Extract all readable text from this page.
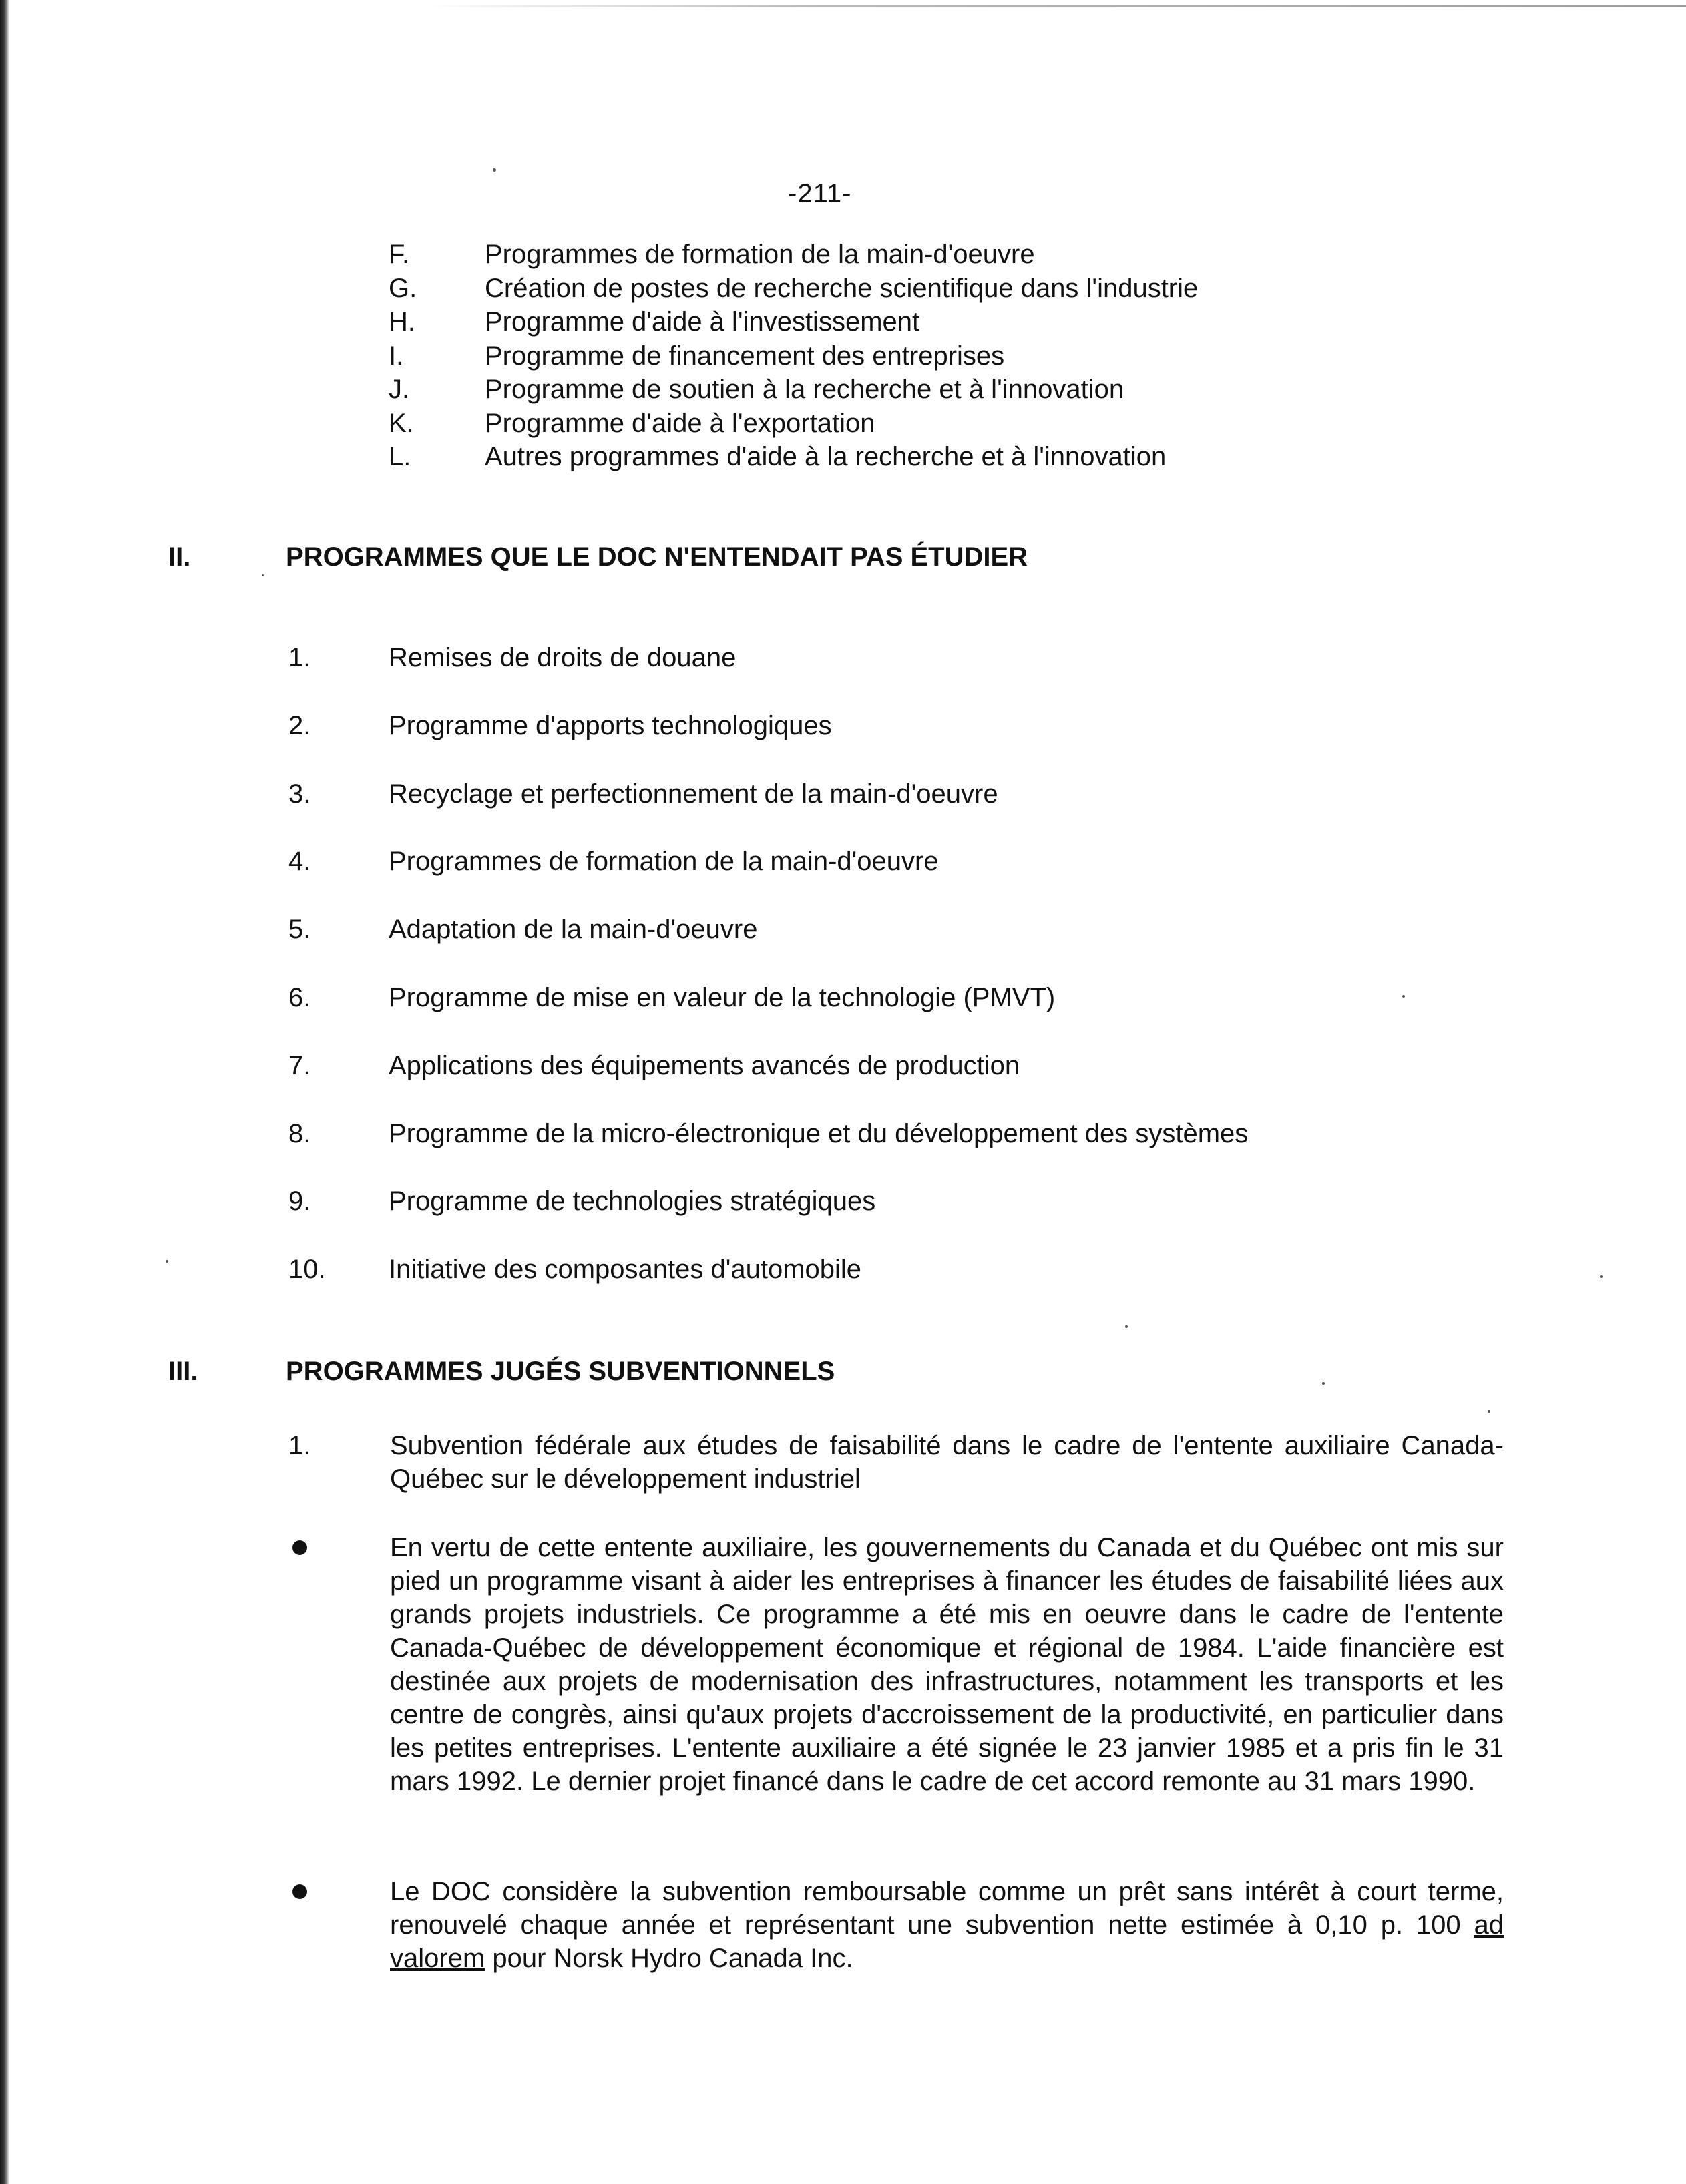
-211-
F.	Programmes de formation de la main-d'oeuvre
G.	Création de postes de recherche scientifique dans l'industrie
H.	Programme d'aide à l'investissement
I.	Programme de financement des entreprises
J.	Programme de soutien à la recherche et à l'innovation
K.	Programme d'aide à l'exportation
L.	Autres programmes d'aide à la recherche et à l'innovation
II.	PROGRAMMES QUE LE DOC N'ENTENDAIT PAS ÉTUDIER
1.	Remises de droits de douane
2.	Programme d'apports technologiques
3.	Recyclage et perfectionnement de la main-d'oeuvre
4.	Programmes de formation de la main-d'oeuvre
5.	Adaptation de la main-d'oeuvre
6.	Programme de mise en valeur de la technologie (PMVT)
7.	Applications des équipements avancés de production
8.	Programme de la micro-électronique et du développement des systèmes
9.	Programme de technologies stratégiques
10. Initiative des composantes d'automobile
III.	PROGRAMMES JUGÉS SUBVENTIONNELS
1.	Subvention fédérale aux études de faisabilité dans le cadre de l'entente auxiliaire Canada-Québec sur le développement industriel
En vertu de cette entente auxiliaire, les gouvernements du Canada et du Québec ont mis sur pied un programme visant à aider les entreprises à financer les études de faisabilité liées aux grands projets industriels. Ce programme a été mis en oeuvre dans le cadre de l'entente Canada-Québec de développement économique et régional de 1984. L'aide financière est destinée aux projets de modernisation des infrastructures, notamment les transports et les centre de congrès, ainsi qu'aux projets d'accroissement de la productivité, en particulier dans les petites entreprises. L'entente auxiliaire a été signée le 23 janvier 1985 et a pris fin le 31 mars 1992. Le dernier projet financé dans le cadre de cet accord remonte au 31 mars 1990.
Le DOC considère la subvention remboursable comme un prêt sans intérêt à court terme, renouvelé chaque année et représentant une subvention nette estimée à 0,10 p. 100 ad valorem pour Norsk Hydro Canada Inc.
